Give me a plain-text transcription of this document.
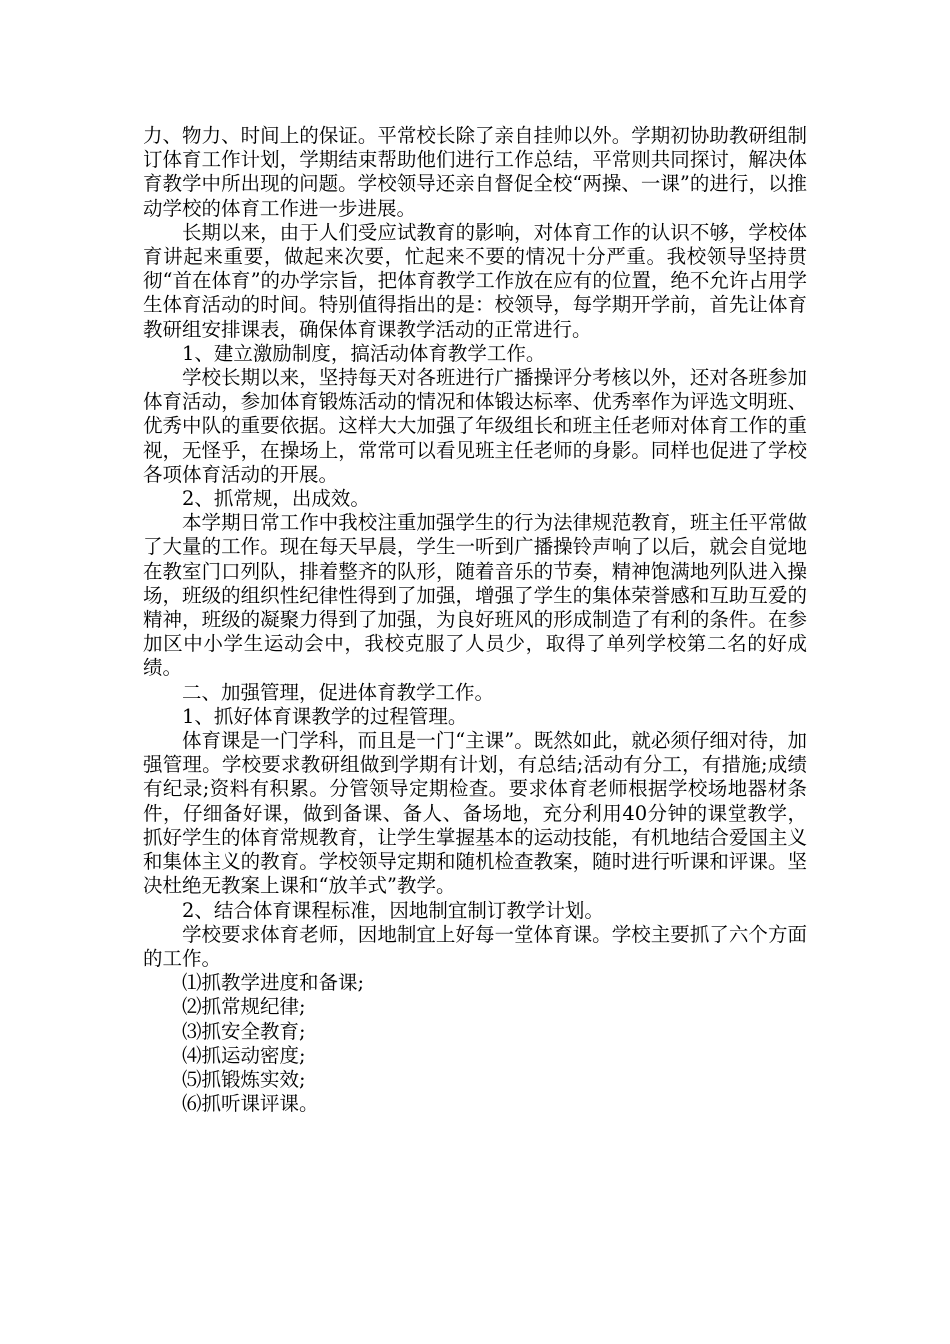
力、物力、时间上的保证。平常校长除了亲自挂帅以外。学期初协助教研组制订体育工作计划，学期结束帮助他们进行工作总结，平常则共同探讨，解决体育教学中所出现的问题。学校领导还亲自督促全校“两操、一课”的进行，以推动学校的体育工作进一步进展。

长期以来，由于人们受应试教育的影响，对体育工作的认识不够，学校体育讲起来重要，做起来次要，忙起来不要的情况十分严重。我校领导坚持贯彻“首在体育”的办学宗旨，把体育教学工作放在应有的位置，绝不允许占用学生体育活动的时间。特别值得指出的是：校领导，每学期开学前，首先让体育教研组安排课表，确保体育课教学活动的正常进行。

1、建立激励制度，搞活动体育教学工作。

学校长期以来，坚持每天对各班进行广播操评分考核以外，还对各班参加体育活动，参加体育锻炼活动的情况和体锻达标率、优秀率作为评选文明班、优秀中队的重要依据。这样大大加强了年级组长和班主任老师对体育工作的重视，无怪乎，在操场上，常常可以看见班主任老师的身影。同样也促进了学校各项体育活动的开展。

2、抓常规，出成效。

本学期日常工作中我校注重加强学生的行为法律规范教育，班主任平常做了大量的工作。现在每天早晨，学生一听到广播操铃声响了以后，就会自觉地在教室门口列队，排着整齐的队形，随着音乐的节奏，精神饱满地列队进入操场，班级的组织性纪律性得到了加强，增强了学生的集体荣誉感和互助互爱的精神，班级的凝聚力得到了加强，为良好班风的形成制造了有利的条件。在参加区中小学生运动会中，我校克服了人员少，取得了单列学校第二名的好成绩。

二、加强管理，促进体育教学工作。

1、抓好体育课教学的过程管理。

体育课是一门学科，而且是一门“主课”。既然如此，就必须仔细对待，加强管理。学校要求教研组做到学期有计划，有总结;活动有分工，有措施;成绩有纪录;资料有积累。分管领导定期检查。要求体育老师根据学校场地器材条件，仔细备好课，做到备课、备人、备场地，充分利用40分钟的课堂教学，抓好学生的体育常规教育，让学生掌握基本的运动技能，有机地结合爱国主义和集体主义的教育。学校领导定期和随机检查教案，随时进行听课和评课。坚决杜绝无教案上课和“放羊式”教学。

2、结合体育课程标准，因地制宜制订教学计划。

学校要求体育老师，因地制宜上好每一堂体育课。学校主要抓了六个方面的工作。

⑴抓教学进度和备课;

⑵抓常规纪律;

⑶抓安全教育;

⑷抓运动密度;

⑸抓锻炼实效;

⑹抓听课评课。
